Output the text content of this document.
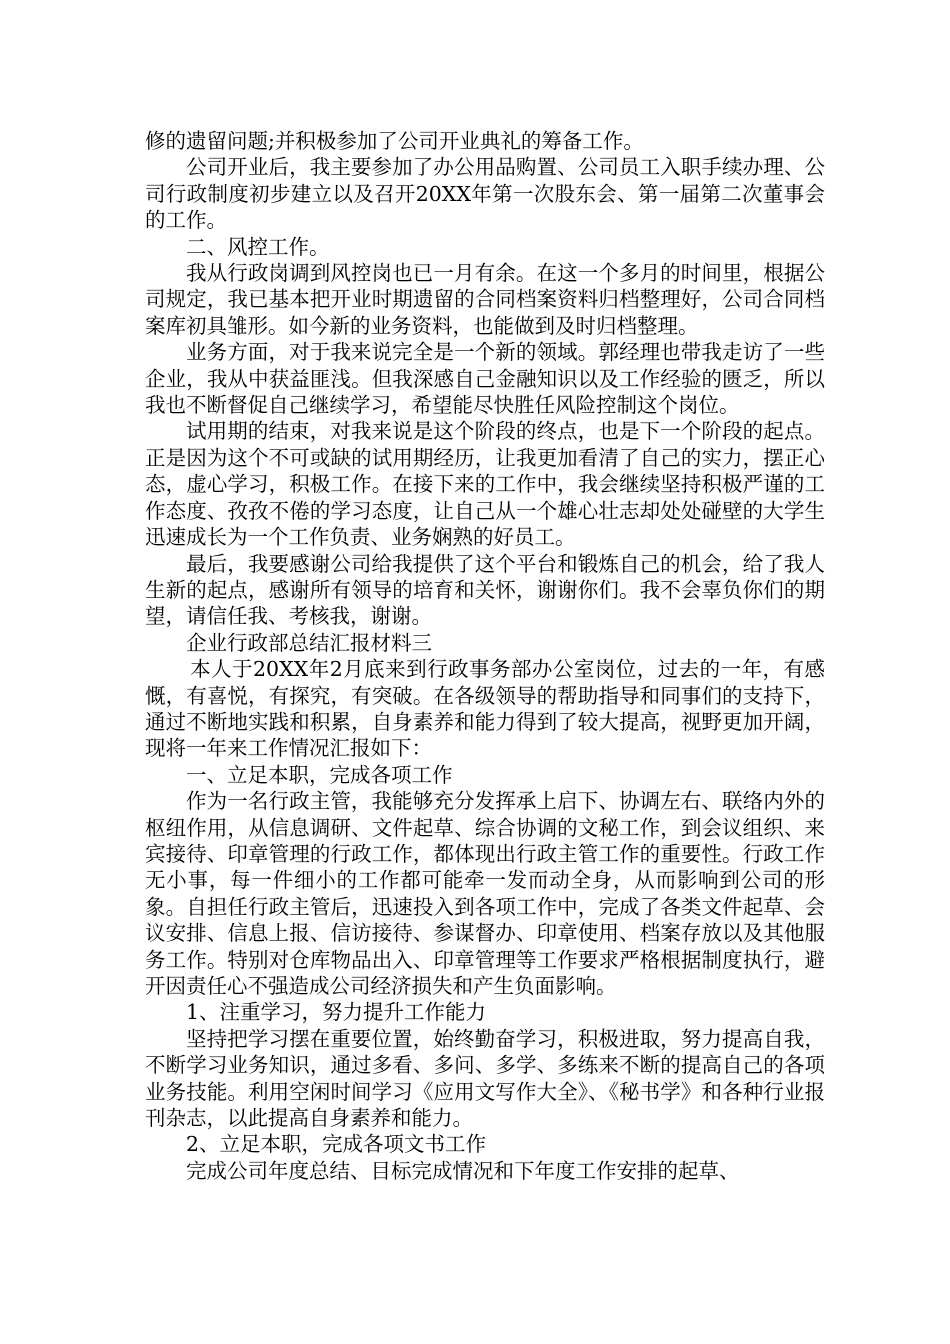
修的遗留问题;并积极参加了公司开业典礼的筹备工作。

公司开业后，我主要参加了办公用品购置、公司员工入职手续办理、公司行政制度初步建立以及召开20XX年第一次股东会、第一届第二次董事会的工作。

二、风控工作。

我从行政岗调到风控岗也已一月有余。在这一个多月的时间里，根据公司规定，我已基本把开业时期遗留的合同档案资料归档整理好，公司合同档案库初具雏形。如今新的业务资料，也能做到及时归档整理。

业务方面，对于我来说完全是一个新的领域。郭经理也带我走访了一些企业，我从中获益匪浅。但我深感自己金融知识以及工作经验的匮乏，所以我也不断督促自己继续学习，希望能尽快胜任风险控制这个岗位。

试用期的结束，对我来说是这个阶段的终点，也是下一个阶段的起点。正是因为这个不可或缺的试用期经历，让我更加看清了自己的实力，摆正心态，虚心学习，积极工作。在接下来的工作中，我会继续坚持积极严谨的工作态度、孜孜不倦的学习态度，让自己从一个雄心壮志却处处碰壁的大学生迅速成长为一个工作负责、业务娴熟的好员工。

最后，我要感谢公司给我提供了这个平台和锻炼自己的机会，给了我人生新的起点，感谢所有领导的培育和关怀，谢谢你们。我不会辜负你们的期望，请信任我、考核我，谢谢。

企业行政部总结汇报材料三

本人于20XX年2月底来到行政事务部办公室岗位，过去的一年，有感慨，有喜悦，有探究，有突破。在各级领导的帮助指导和同事们的支持下，通过不断地实践和积累，自身素养和能力得到了较大提高，视野更加开阔，现将一年来工作情况汇报如下：

一、立足本职，完成各项工作

作为一名行政主管，我能够充分发挥承上启下、协调左右、联络内外的枢纽作用，从信息调研、文件起草、综合协调的文秘工作，到会议组织、来宾接待、印章管理的行政工作，都体现出行政主管工作的重要性。行政工作无小事，每一件细小的工作都可能牵一发而动全身，从而影响到公司的形象。自担任行政主管后，迅速投入到各项工作中，完成了各类文件起草、会议安排、信息上报、信访接待、参谋督办、印章使用、档案存放以及其他服务工作。特别对仓库物品出入、印章管理等工作要求严格根据制度执行，避开因责任心不强造成公司经济损失和产生负面影响。

1、注重学习，努力提升工作能力

坚持把学习摆在重要位置，始终勤奋学习，积极进取，努力提高自我，不断学习业务知识，通过多看、多问、多学、多练来不断的提高自己的各项业务技能。利用空闲时间学习《应用文写作大全》、《秘书学》和各种行业报刊杂志，以此提高自身素养和能力。

2、立足本职，完成各项文书工作

完成公司年度总结、目标完成情况和下年度工作安排的起草、
